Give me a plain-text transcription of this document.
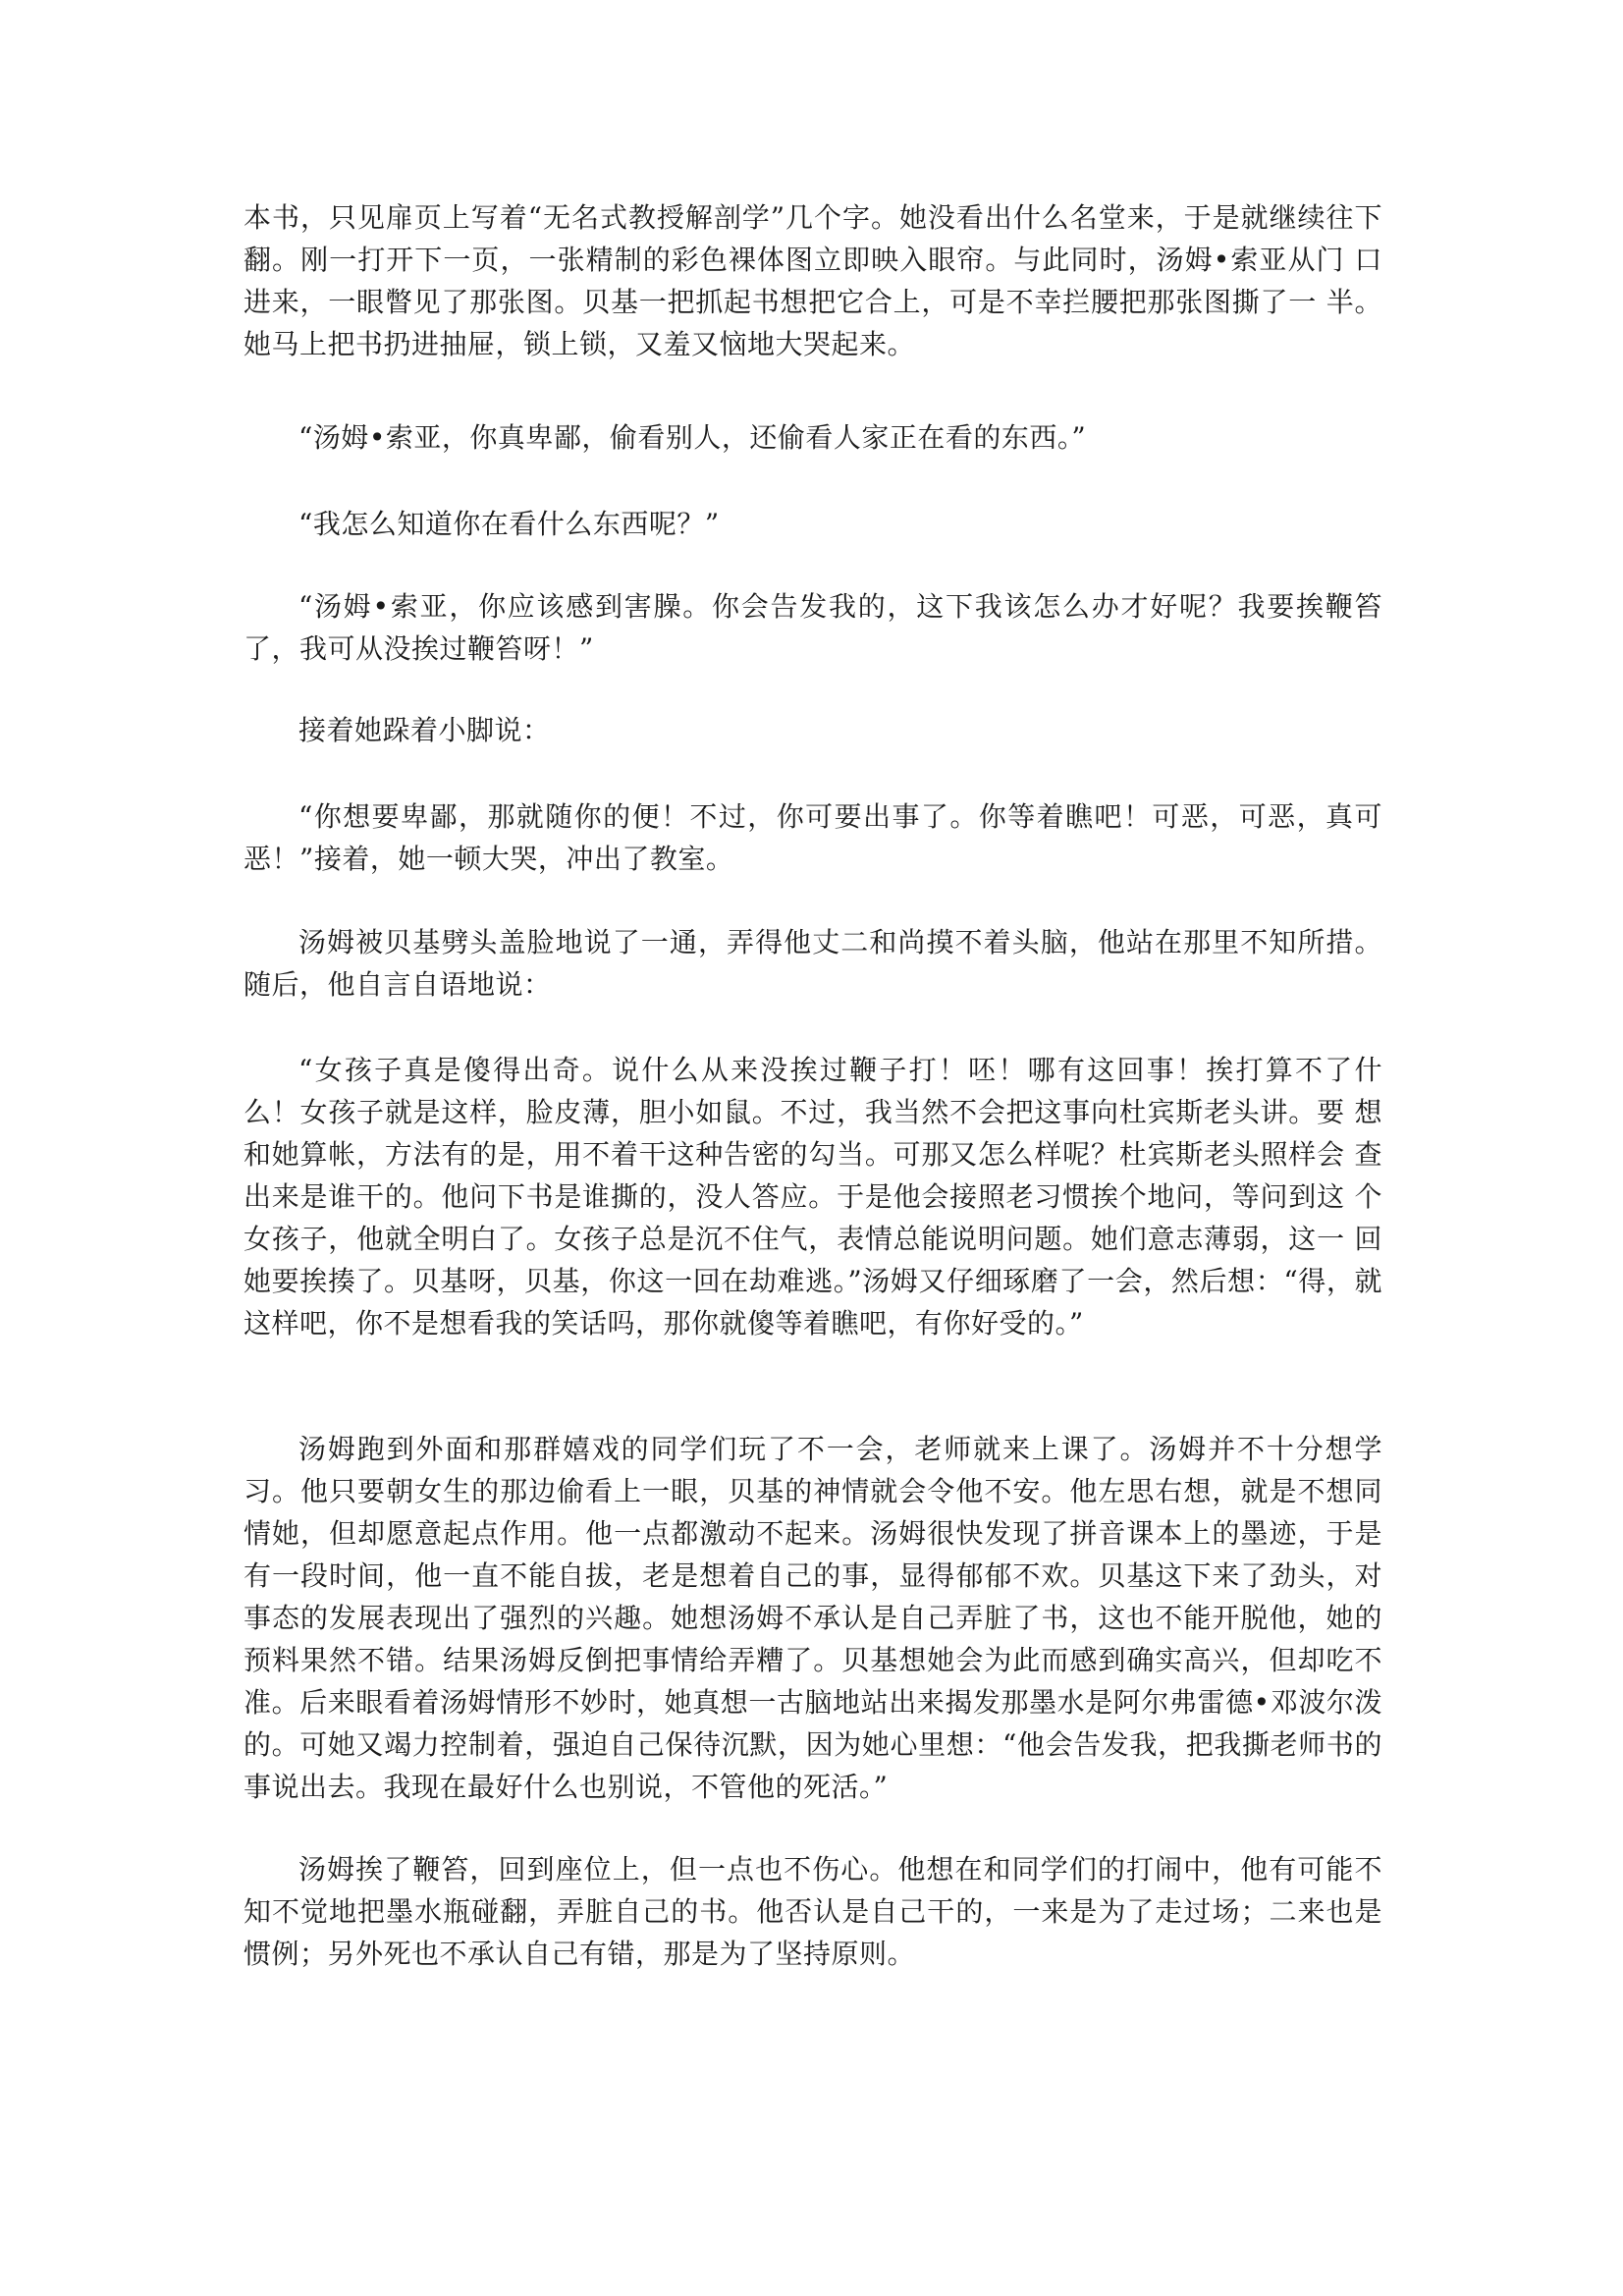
本书，只见扉页上写着“无名式教授解剖学”几个字。她没看出什么名堂来，于是就继续往下翻。刚一打开下一页，一张精制的彩色裸体图立即映入眼帘。与此同时，汤姆•索亚从门 口进来，一眼瞥见了那张图。贝基一把抓起书想把它合上，可是不幸拦腰把那张图撕了一 半。她马上把书扔进抽屉，锁上锁，又羞又恼地大哭起来。

“汤姆•索亚，你真卑鄙，偷看别人，还偷看人家正在看的东西。”

“我怎么知道你在看什么东西呢？”

“汤姆•索亚，你应该感到害臊。你会告发我的，这下我该怎么办才好呢？我要挨鞭笞了，我可从没挨过鞭笞呀！”

接着她跺着小脚说：

“你想要卑鄙，那就随你的便！不过，你可要出事了。你等着瞧吧！可恶，可恶，真可恶！”接着，她一顿大哭，冲出了教室。

汤姆被贝基劈头盖脸地说了一通，弄得他丈二和尚摸不着头脑，他站在那里不知所措。随后，他自言自语地说：

“女孩子真是傻得出奇。说什么从来没挨过鞭子打！呸！哪有这回事！挨打算不了什 么！女孩子就是这样，脸皮薄，胆小如鼠。不过，我当然不会把这事向杜宾斯老头讲。要 想和她算帐，方法有的是，用不着干这种告密的勾当。可那又怎么样呢？杜宾斯老头照样会 查出来是谁干的。他问下书是谁撕的，没人答应。于是他会接照老习惯挨个地问，等问到这 个女孩子，他就全明白了。女孩子总是沉不住气，表情总能说明问题。她们意志薄弱，这一 回她要挨揍了。贝基呀，贝基，你这一回在劫难逃。”汤姆又仔细琢磨了一会，然后想：“得，就这样吧，你不是想看我的笑话吗，那你就傻等着瞧吧，有你好受的。”

汤姆跑到外面和那群嬉戏的同学们玩了不一会，老师就来上课了。汤姆并不十分想学习。他只要朝女生的那边偷看上一眼，贝基的神情就会令他不安。他左思右想，就是不想同情她，但却愿意起点作用。他一点都激动不起来。汤姆很快发现了拼音课本上的墨迹，于是有一段时间，他一直不能自拔，老是想着自己的事，显得郁郁不欢。贝基这下来了劲头，对事态的发展表现出了强烈的兴趣。她想汤姆不承认是自己弄脏了书，这也不能开脱他，她的预料果然不错。结果汤姆反倒把事情给弄糟了。贝基想她会为此而感到确实高兴，但却吃不准。后来眼看着汤姆情形不妙时，她真想一古脑地站出来揭发那墨水是阿尔弗雷德•邓波尔泼的。可她又竭力控制着，强迫自己保待沉默，因为她心里想：“他会告发我，把我撕老师书的事说出去。我现在最好什么也别说，不管他的死活。”

汤姆挨了鞭笞，回到座位上，但一点也不伤心。他想在和同学们的打闹中，他有可能不知不觉地把墨水瓶碰翻，弄脏自己的书。他否认是自己干的，一来是为了走过场；二来也是惯例；另外死也不承认自己有错，那是为了坚持原则。
